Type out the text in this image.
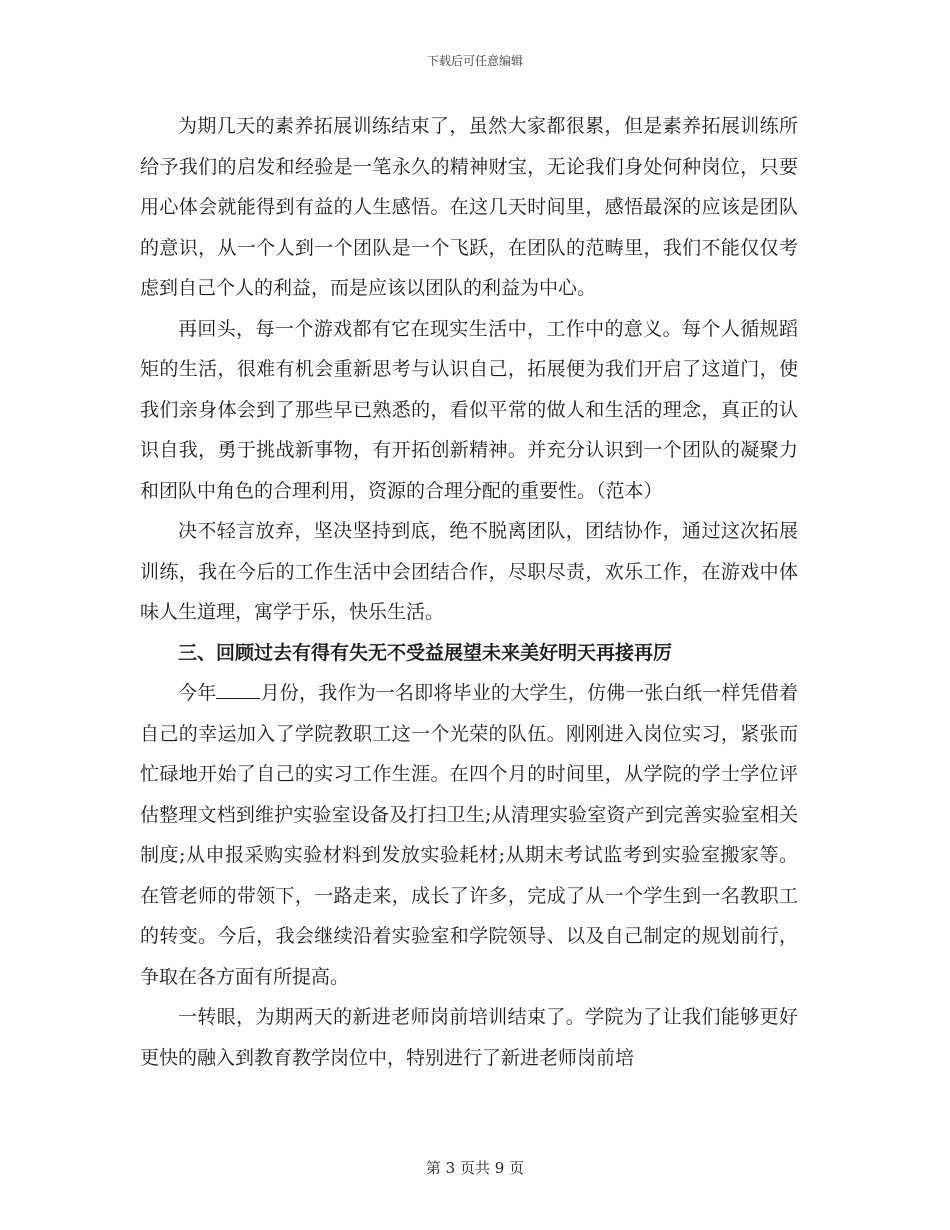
下载后可任意编辑

为期几天的素养拓展训练结束了，虽然大家都很累，但是素养拓展训练所给予我们的启发和经验是一笔永久的精神财宝，无论我们身处何种岗位，只要用心体会就能得到有益的人生感悟。在这几天时间里，感悟最深的应该是团队的意识，从一个人到一个团队是一个飞跃，在团队的范畴里，我们不能仅仅考虑到自己个人的利益，而是应该以团队的利益为中心。

再回头，每一个游戏都有它在现实生活中，工作中的意义。每个人循规蹈矩的生活，很难有机会重新思考与认识自己，拓展便为我们开启了这道门，使我们亲身体会到了那些早已熟悉的，看似平常的做人和生活的理念，真正的认识自我，勇于挑战新事物，有开拓创新精神。并充分认识到一个团队的凝聚力和团队中角色的合理利用，资源的合理分配的重要性。（范本）

决不轻言放弃，坚决坚持到底，绝不脱离团队，团结协作，通过这次拓展训练，我在今后的工作生活中会团结合作，尽职尽责，欢乐工作，在游戏中体味人生道理，寓学于乐，快乐生活。

三、回顾过去有得有失无不受益展望未来美好明天再接再厉

今年 月份，我作为一名即将毕业的大学生，仿佛一张白纸一样凭借着自己的幸运加入了学院教职工这一个光荣的队伍。刚刚进入岗位实习，紧张而忙碌地开始了自己的实习工作生涯。在四个月的时间里，从学院的学士学位评估整理文档到维护实验室设备及打扫卫生;从清理实验室资产到完善实验室相关制度;从申报采购实验材料到发放实验耗材;从期末考试监考到实验室搬家等。在管老师的带领下，一路走来，成长了许多，完成了从一个学生到一名教职工的转变。今后，我会继续沿着实验室和学院领导、以及自己制定的规划前行，争取在各方面有所提高。

一转眼，为期两天的新进老师岗前培训结束了。学院为了让我们能够更好更快的融入到教育教学岗位中，特别进行了新进老师岗前培

第 3 页共 9 页
